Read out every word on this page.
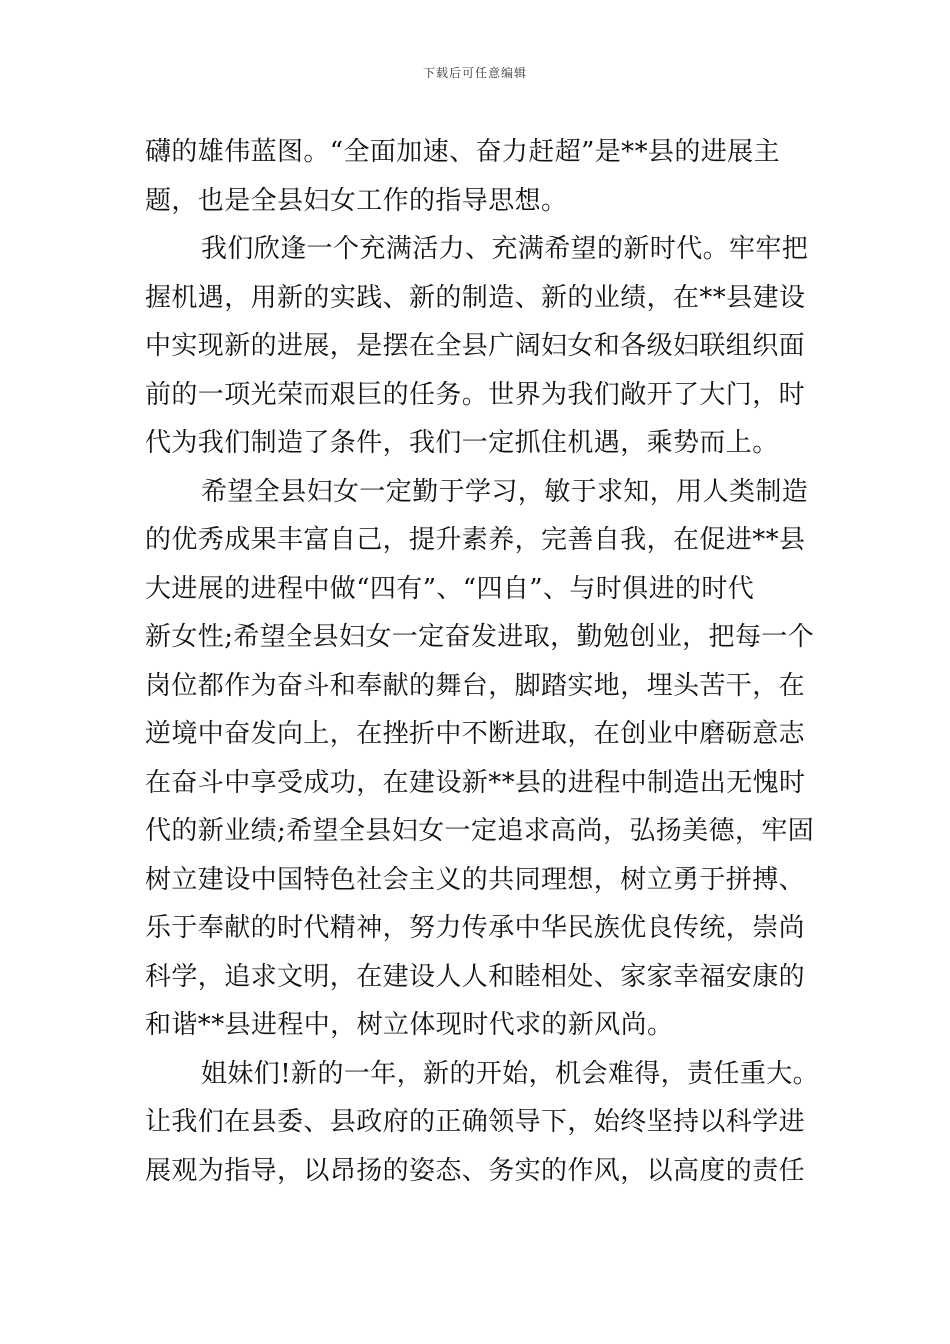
下载后可任意编辑
礴的雄伟蓝图。“全面加速、奋力赶超”是**县的进展主
题，也是全县妇女工作的指导思想。
我们欣逢一个充满活力、充满希望的新时代。牢牢把
握机遇，用新的实践、新的制造、新的业绩，在**县建设
中实现新的进展，是摆在全县广阔妇女和各级妇联组织面
前的一项光荣而艰巨的任务。世界为我们敞开了大门，时
代为我们制造了条件，我们一定抓住机遇，乘势而上。
希望全县妇女一定勤于学习，敏于求知，用人类制造
的优秀成果丰富自己，提升素养，完善自我，在促进**县
大进展的进程中做“四有”、“四自”、与时俱进的时代
新女性;希望全县妇女一定奋发进取，勤勉创业，把每一个
岗位都作为奋斗和奉献的舞台，脚踏实地，埋头苦干，在
逆境中奋发向上，在挫折中不断进取，在创业中磨砺意志
在奋斗中享受成功，在建设新**县的进程中制造出无愧时
代的新业绩;希望全县妇女一定追求高尚，弘扬美德，牢固
树立建设中国特色社会主义的共同理想，树立勇于拼搏、
乐于奉献的时代精神，努力传承中华民族优良传统，崇尚
科学，追求文明，在建设人人和睦相处、家家幸福安康的
和谐**县进程中，树立体现时代求的新风尚。
姐妹们!新的一年，新的开始，机会难得，责任重大。
让我们在县委、县政府的正确领导下，始终坚持以科学进
展观为指导，以昂扬的姿态、务实的作风，以高度的责任
